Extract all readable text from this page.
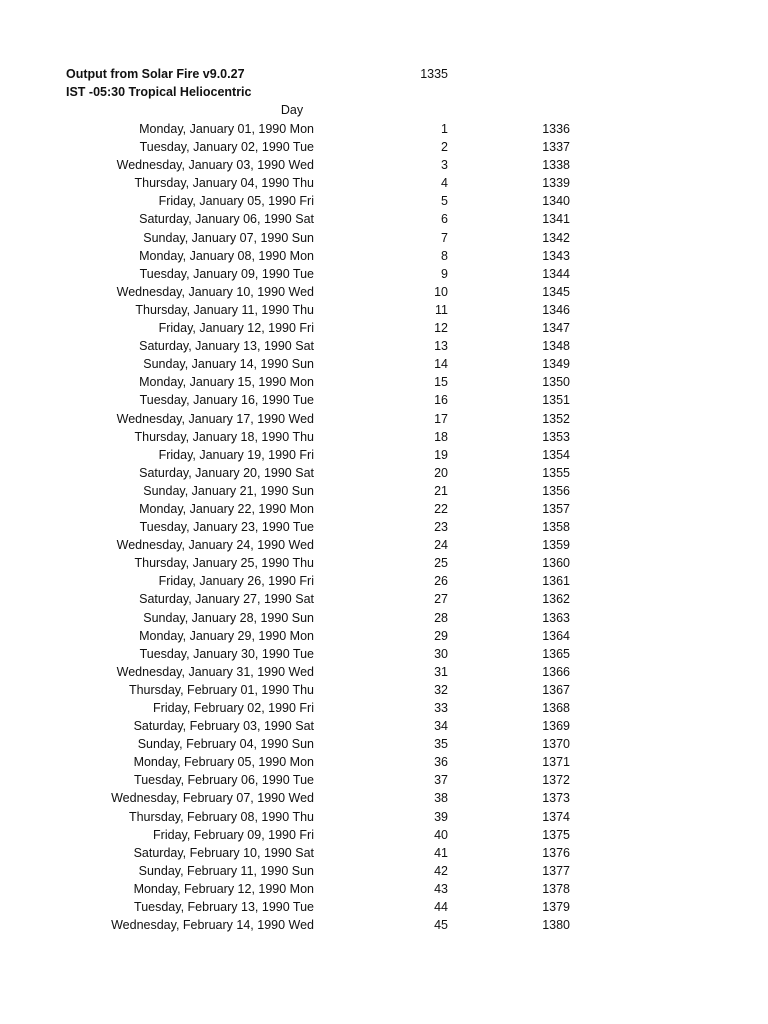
Output from Solar Fire v9.0.27
IST -05:30 Tropical Heliocentric
1335
Day
Monday, January 01, 1990 Mon	1	1336
Tuesday, January 02, 1990 Tue	2	1337
Wednesday, January 03, 1990 Wed	3	1338
Thursday, January 04, 1990 Thu	4	1339
Friday, January 05, 1990 Fri	5	1340
Saturday, January 06, 1990 Sat	6	1341
Sunday, January 07, 1990 Sun	7	1342
Monday, January 08, 1990 Mon	8	1343
Tuesday, January 09, 1990 Tue	9	1344
Wednesday, January 10, 1990 Wed	10	1345
Thursday, January 11, 1990 Thu	11	1346
Friday, January 12, 1990 Fri	12	1347
Saturday, January 13, 1990 Sat	13	1348
Sunday, January 14, 1990 Sun	14	1349
Monday, January 15, 1990 Mon	15	1350
Tuesday, January 16, 1990 Tue	16	1351
Wednesday, January 17, 1990 Wed	17	1352
Thursday, January 18, 1990 Thu	18	1353
Friday, January 19, 1990 Fri	19	1354
Saturday, January 20, 1990 Sat	20	1355
Sunday, January 21, 1990 Sun	21	1356
Monday, January 22, 1990 Mon	22	1357
Tuesday, January 23, 1990 Tue	23	1358
Wednesday, January 24, 1990 Wed	24	1359
Thursday, January 25, 1990 Thu	25	1360
Friday, January 26, 1990 Fri	26	1361
Saturday, January 27, 1990 Sat	27	1362
Sunday, January 28, 1990 Sun	28	1363
Monday, January 29, 1990 Mon	29	1364
Tuesday, January 30, 1990 Tue	30	1365
Wednesday, January 31, 1990 Wed	31	1366
Thursday, February 01, 1990 Thu	32	1367
Friday, February 02, 1990 Fri	33	1368
Saturday, February 03, 1990 Sat	34	1369
Sunday, February 04, 1990 Sun	35	1370
Monday, February 05, 1990 Mon	36	1371
Tuesday, February 06, 1990 Tue	37	1372
Wednesday, February 07, 1990 Wed	38	1373
Thursday, February 08, 1990 Thu	39	1374
Friday, February 09, 1990 Fri	40	1375
Saturday, February 10, 1990 Sat	41	1376
Sunday, February 11, 1990 Sun	42	1377
Monday, February 12, 1990 Mon	43	1378
Tuesday, February 13, 1990 Tue	44	1379
Wednesday, February 14, 1990 Wed	45	1380
